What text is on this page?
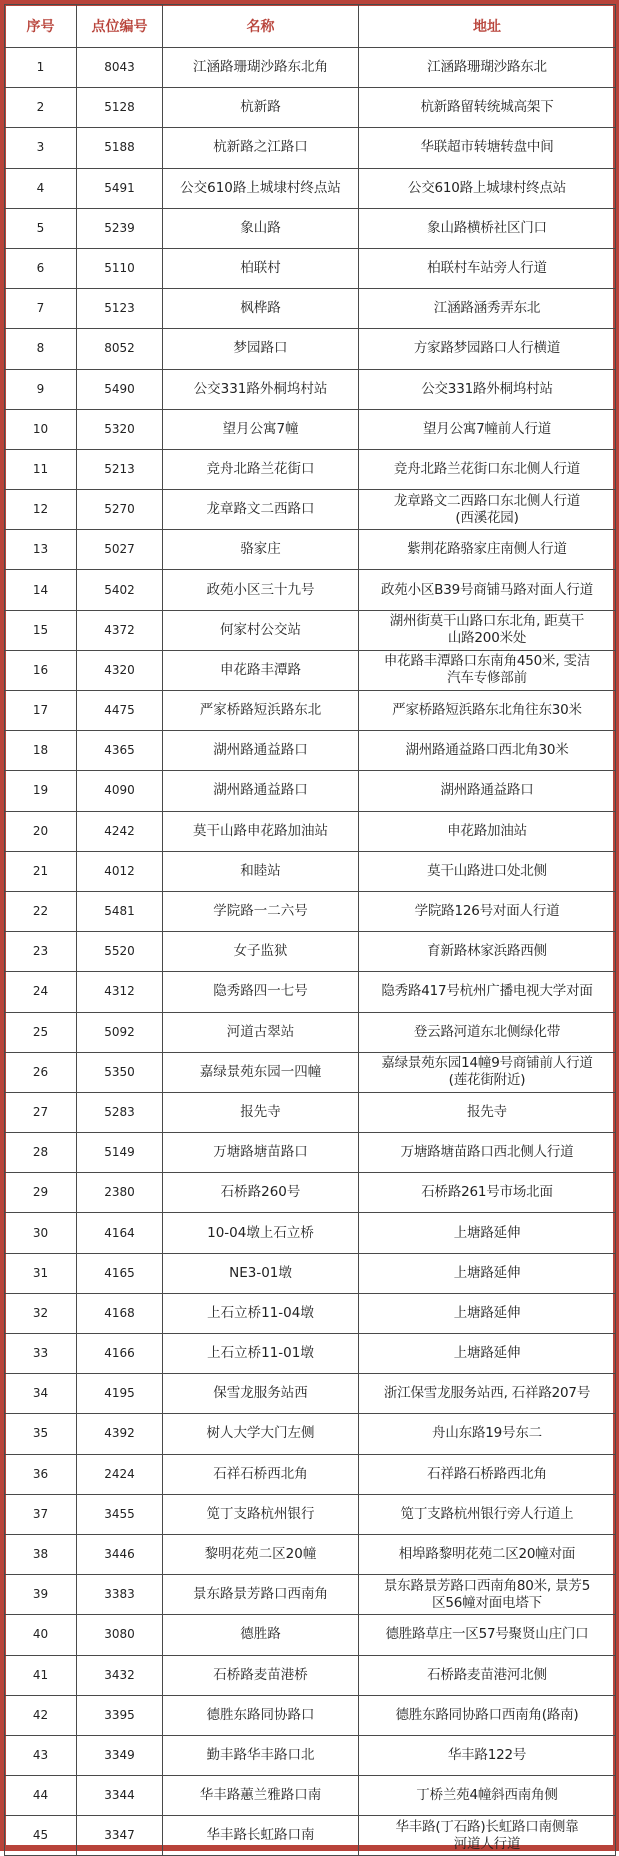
序号	点位编号	名称	地址
1	8043	江涵路珊瑚沙路东北角	江涵路珊瑚沙路东北
2	5128	杭新路	杭新路留转统城高架下
3	5188	杭新路之江路口	华联超市转塘转盘中间
4	5491	公交610路上城埭村终点站	公交610路上城埭村终点站
5	5239	象山路	象山路横桥社区门口
6	5110	柏联村	柏联村车站旁人行道
7	5123	枫桦路	江涵路涵秀弄东北
8	8052	梦园路口	方家路梦园路口人行横道
9	5490	公交331路外桐坞村站	公交331路外桐坞村站
10	5320	望月公寓7幢	望月公寓7幢前人行道
11	5213	竞舟北路兰花街口	竞舟北路兰花街口东北侧人行道
12	5270	龙章路文二西路口	龙章路文二西路口东北侧人行道
(西溪花园)
13	5027	骆家庄	紫荆花路骆家庄南侧人行道
14	5402	政苑小区三十九号	政苑小区B39号商铺马路对面人行道
15	4372	何家村公交站	湖州街莫干山路口东北角, 距莫干
山路200米处
16	4320	申花路丰潭路	申花路丰潭路口东南角450米, 雯洁
汽车专修部前
17	4475	严家桥路短浜路东北	严家桥路短浜路东北角往东30米
18	4365	湖州路通益路口	湖州路通益路口西北角30米
19	4090	湖州路通益路口	湖州路通益路口
20	4242	莫干山路申花路加油站	申花路加油站
21	4012	和睦站	莫干山路进口处北侧
22	5481	学院路一二六号	学院路126号对面人行道
23	5520	女子监狱	育新路林家浜路西侧
24	4312	隐秀路四一七号	隐秀路417号杭州广播电视大学对面
25	5092	河道古翠站	登云路河道东北侧绿化带
26	5350	嘉绿景苑东园一四幢	嘉绿景苑东园14幢9号商铺前人行道
(莲花街附近)
27	5283	报先寺	报先寺
28	5149	万塘路塘苗路口	万塘路塘苗路口西北侧人行道
29	2380	石桥路260号	石桥路261号市场北面
30	4164	10-04墩上石立桥	上塘路延伸
31	4165	NE3-01墩	上塘路延伸
32	4168	上石立桥11-04墩	上塘路延伸
33	4166	上石立桥11-01墩	上塘路延伸
34	4195	保雪龙服务站西	浙江保雪龙服务站西, 石祥路207号
35	4392	树人大学大门左侧	舟山东路19号东二
36	2424	石祥石桥西北角	石祥路石桥路西北角
37	3455	笕丁支路杭州银行	笕丁支路杭州银行旁人行道上
38	3446	黎明花苑二区20幢	相埠路黎明花苑二区20幢对面
39	3383	景东路景芳路口西南角	景东路景芳路口西南角80米, 景芳5
区56幢对面电塔下
40	3080	德胜路	德胜路草庄一区57号聚贤山庄门口
41	3432	石桥路麦苗港桥	石桥路麦苗港河北侧
42	3395	德胜东路同协路口	德胜东路同协路口西南角(路南)
43	3349	勤丰路华丰路口北	华丰路122号
44	3344	华丰路蕙兰雅路口南	丁桥兰苑4幢斜西南角侧
45	3347	华丰路长虹路口南	华丰路(丁石路)长虹路口南侧靠
河道人行道
